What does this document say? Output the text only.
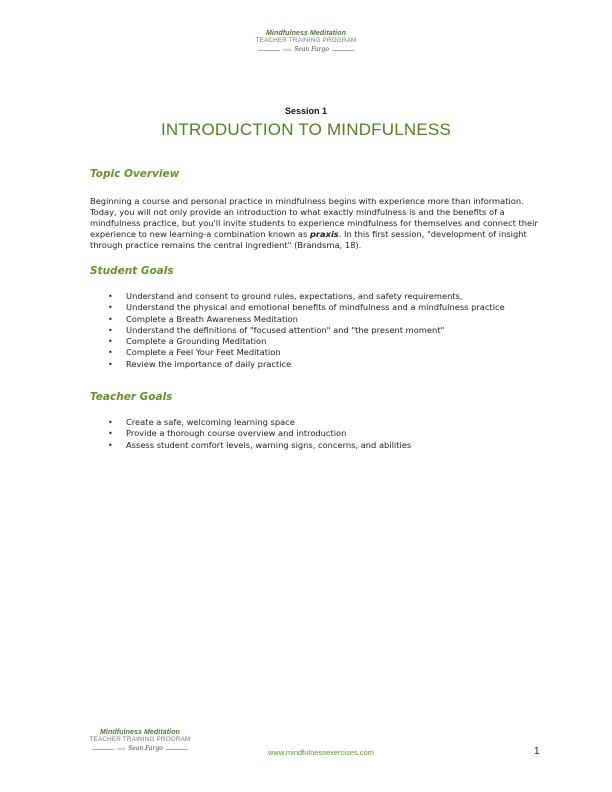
Mindfulness Meditation
TEACHER TRAINING PROGRAM
with Sean Fargo
Session 1
INTRODUCTION TO MINDFULNESS
Topic Overview

Beginning a course and personal practice in mindfulness begins with experience more than information. Today, you will not only provide an introduction to what exactly mindfulness is and the benefits of a mindfulness practice, but you'll invite students to experience mindfulness for themselves and connect their experience to new learning-a combination known as praxis. In this first session, "development of insight through practice remains the central ingredient" (Brandsma, 18).

Student Goals
• Understand and consent to ground rules, expectations, and safety requirements,
• Understand the physical and emotional benefits of mindfulness and a mindfulness practice
• Complete a Breath Awareness Meditation
• Understand the definitions of "focused attention" and "the present moment"
• Complete a Grounding Meditation
• Complete a Feel Your Feet Meditation
• Review the importance of daily practice
Teacher Goals
• Create a safe, welcoming learning space
• Provide a thorough course overview and introduction
• Assess student comfort levels, warning signs, concerns, and abilities
Mindfulness Meditation
TEACHER TRAINING PROGRAM
with Sean Fargo	www.mindfulnessexercises.com	1
